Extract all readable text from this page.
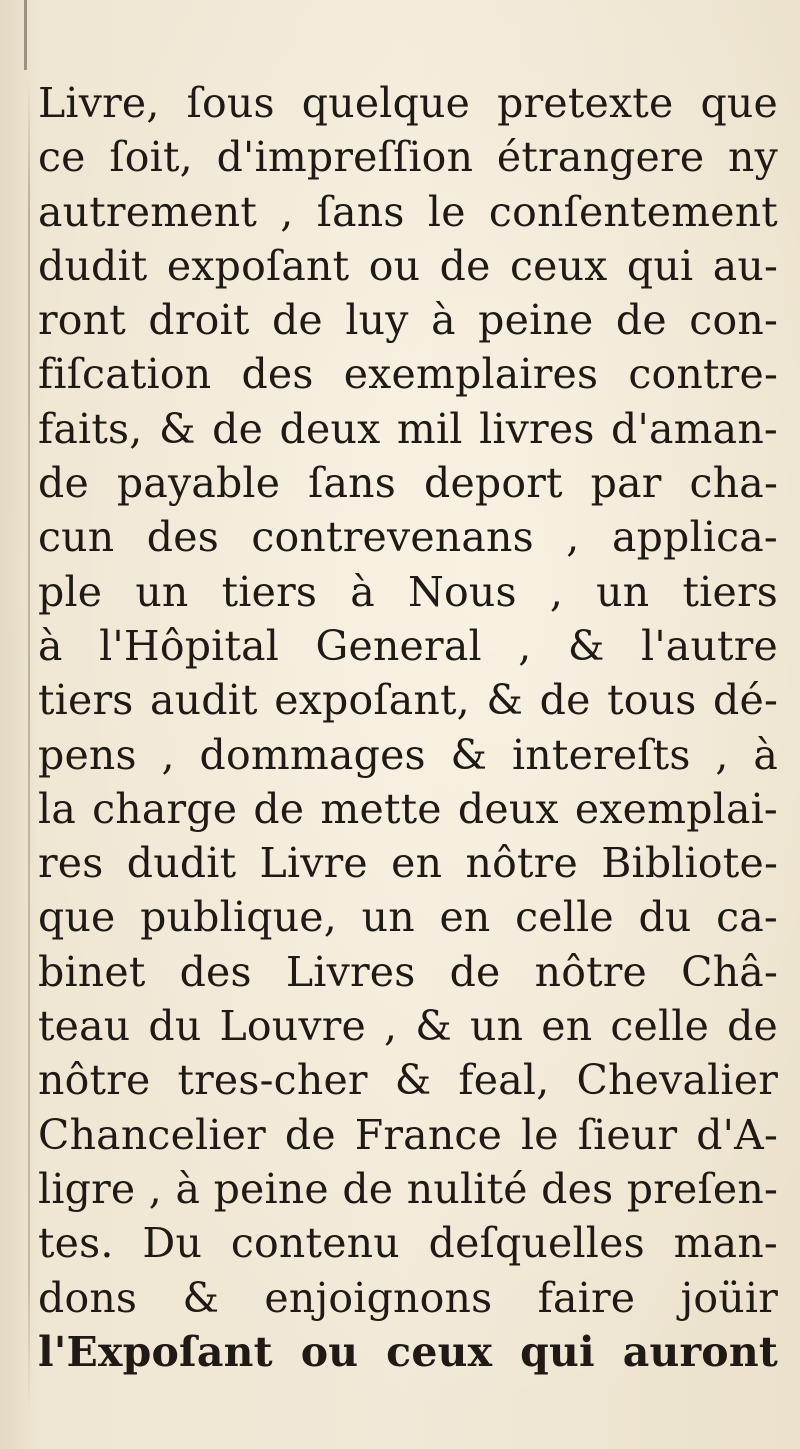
Livre, ſous quelque pretexte que
ce ſoit, d'impreſſion étrangere ny
autrement , ſans le conſentement
dudit expoſant ou de ceux qui au-
ront droit de luy à peine de con-
fiſcation des exemplaires contre-
faits, & de deux mil livres d'aman-
de payable ſans deport par cha-
cun des contrevenans , applica-
ple un tiers à Nous , un tiers
à l'Hôpital General , & l'autre
tiers audit expoſant, & de tous dé-
pens , dommages & intereſts , à
la charge de mette deux exemplai-
res dudit Livre en nôtre Bibliote-
que publique, un en celle du ca-
binet des Livres de nôtre Châ-
teau du Louvre , & un en celle de
nôtre tres-cher & feal, Chevalier
Chancelier de France le ſieur d'A-
ligre , à peine de nulité des preſen-
tes. Du contenu deſquelles man-
dons & enjoignons faire joüir
l'Expoſant ou ceux qui auront
